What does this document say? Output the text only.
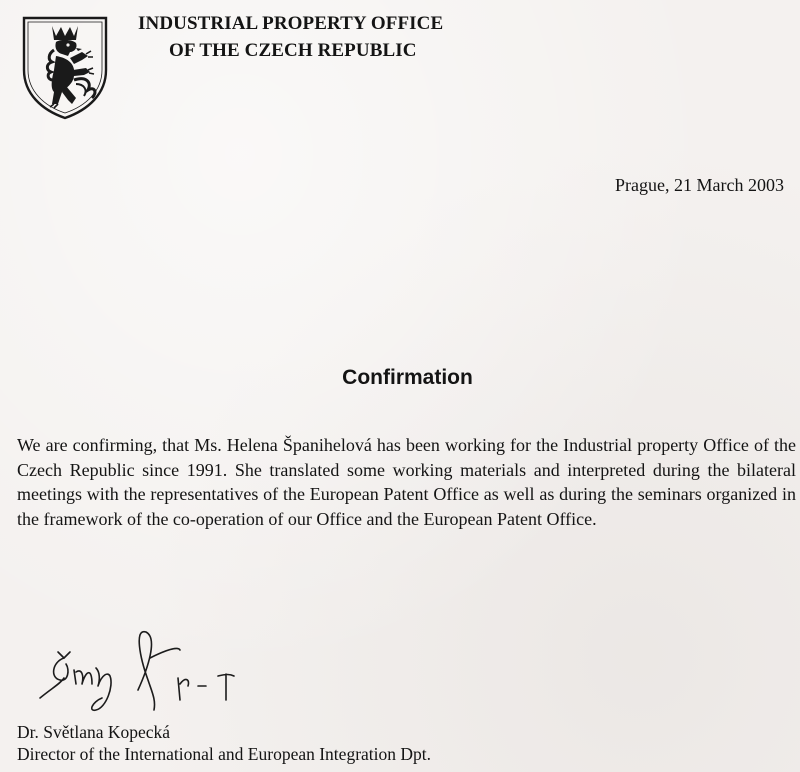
INDUSTRIAL PROPERTY OFFICE
OF THE CZECH REPUBLIC
Prague, 21 March 2003
Confirmation
We are confirming, that Ms. Helena Španihelová has been working for the Industrial property Office of the Czech Republic since 1991. She translated some working materials and interpreted during the bilateral meetings with the representatives of the European Patent Office as well as during the seminars organized in the framework of the co-operation of our Office and the European Patent Office.
Dr. Světlana Kopecká
Director of the International and European Integration Dpt.
